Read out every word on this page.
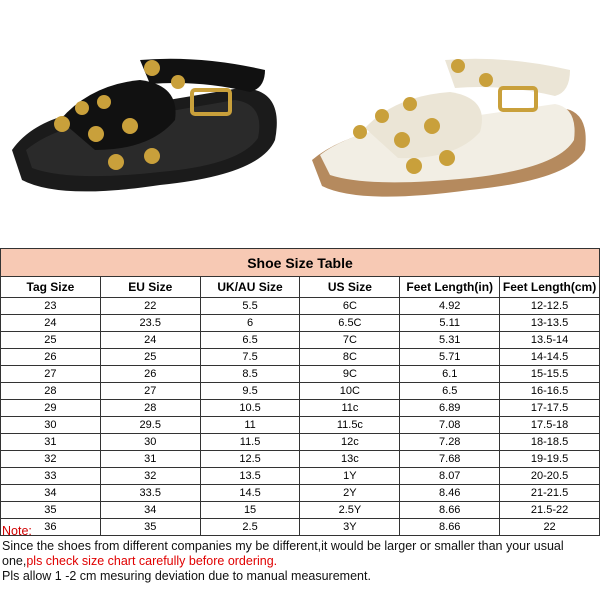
Shoe Size Table					
Tag Size	EU Size	UK/AU Size	US Size	Feet Length(in)	Feet Length(cm)
23	22	5.5	6C	4.92	12-12.5
24	23.5	6	6.5C	5.11	13-13.5
25	24	6.5	7C	5.31	13.5-14
26	25	7.5	8C	5.71	14-14.5
27	26	8.5	9C	6.1	15-15.5
28	27	9.5	10C	6.5	16-16.5
29	28	10.5	11c	6.89	17-17.5
30	29.5	11	11.5c	7.08	17.5-18
31	30	11.5	12c	7.28	18-18.5
32	31	12.5	13c	7.68	19-19.5
33	32	13.5	1Y	8.07	20-20.5
34	33.5	14.5	2Y	8.46	21-21.5
35	34	15	2.5Y	8.66	21.5-22
36	35	2.5	3Y	8.66	22
Note:
Since the shoes from different companies my be different,it would be larger or smaller than your usual
one,pls check size chart carefully before ordering.
Pls allow 1 -2 cm mesuring deviation due to manual measurement.
